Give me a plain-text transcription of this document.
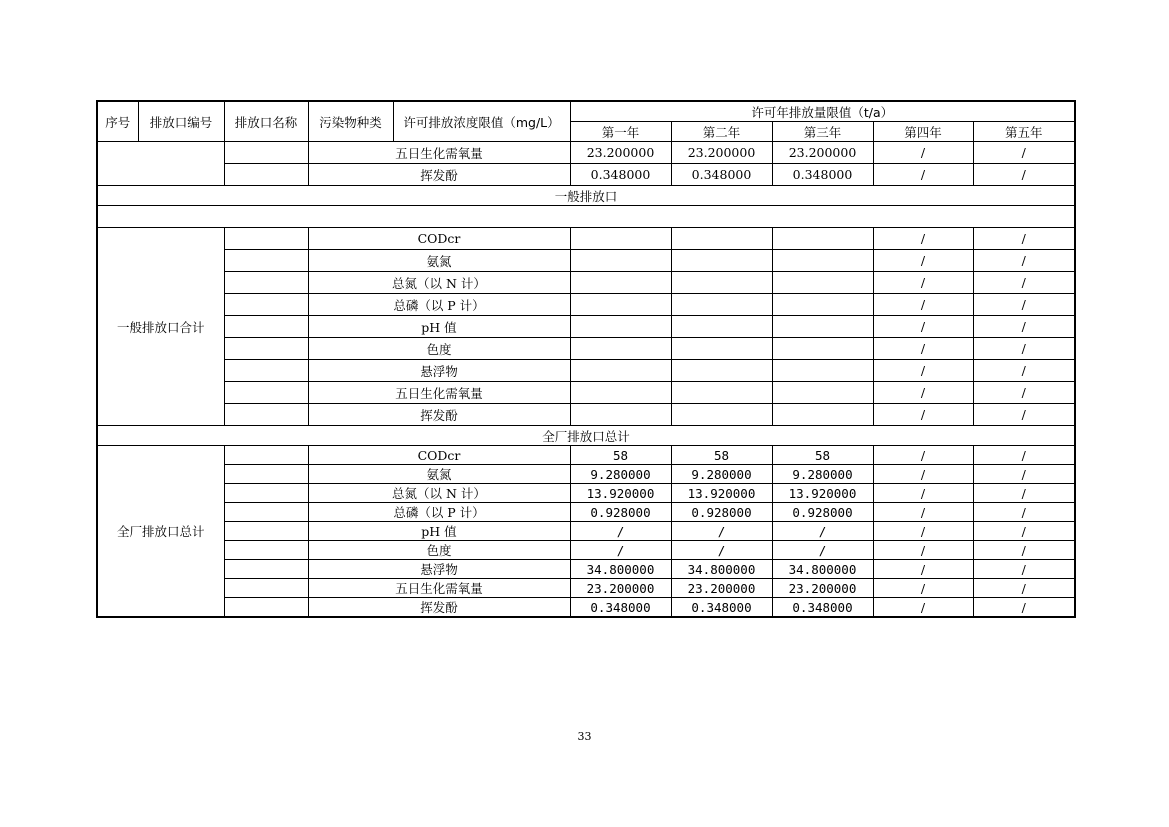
序号	排放口编号	排放口名称	污染物种类	许可排放浓度限值（mg/L）	许可年排放量限值（t/a）				
					第一年	第二年	第三年	第四年	第五年
			五日生化需氧量		23.200000	23.200000	23.200000	/	/
			挥发酚		0.348000	0.348000	0.348000	/	/
一般排放口									

一般排放口合计			CODcr					/	/
			氨氮					/	/
			总氮（以 N 计）					/	/
			总磷（以 P 计）					/	/
			pH 值					/	/
			色度					/	/
			悬浮物					/	/
			五日生化需氧量					/	/
			挥发酚					/	/
全厂排放口总计									
全厂排放口总计			CODcr		58	58	58	/	/
			氨氮		9.280000	9.280000	9.280000	/	/
			总氮（以 N 计）		13.920000	13.920000	13.920000	/	/
			总磷（以 P 计）		0.928000	0.928000	0.928000	/	/
			pH 值		/	/	/	/	/
			色度		/	/	/	/	/
			悬浮物		34.800000	34.800000	34.800000	/	/
			五日生化需氧量		23.200000	23.200000	23.200000	/	/
			挥发酚		0.348000	0.348000	0.348000	/	/
33
